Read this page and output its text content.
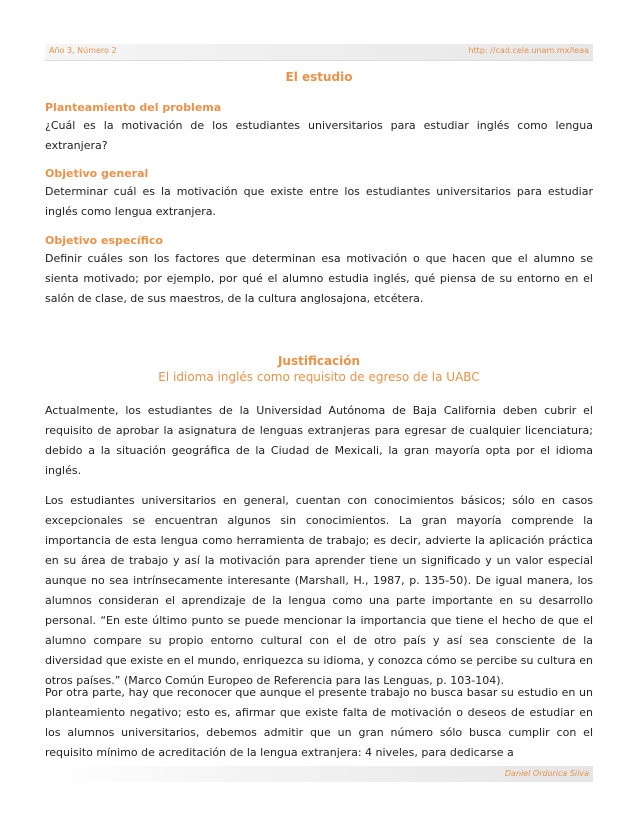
Año 3, Número 2	http: //cad.cele.unam.mx/leaa
El estudio
Planteamiento del problema
¿Cuál es la motivación de los estudiantes universitarios para estudiar inglés como lengua extranjera?
Objetivo general
Determinar cuál es la motivación que existe entre los estudiantes universitarios para estudiar inglés como lengua extranjera.
Objetivo específico
Definir cuáles son los factores que determinan esa motivación o que hacen que el alumno se sienta motivado; por ejemplo, por qué el alumno estudia inglés, qué piensa de su entorno en el salón de clase, de sus maestros, de la cultura anglosajona, etcétera.
Justificación
El idioma inglés como requisito de egreso de la UABC
Actualmente, los estudiantes de la Universidad Autónoma de Baja California deben cubrir el requisito de aprobar la asignatura de lenguas extranjeras para egresar de cualquier licenciatura; debido a la situación geográfica de la Ciudad de Mexicali, la gran mayoría opta por el idioma inglés.
Los estudiantes universitarios en general, cuentan con conocimientos básicos; sólo en casos excepcionales se encuentran algunos sin conocimientos. La gran mayoría comprende la importancia de esta lengua como herramienta de trabajo; es decir, advierte la aplicación práctica en su área de trabajo y así la motivación para aprender tiene un significado y un valor especial aunque no sea intrínsecamente interesante (Marshall, H., 1987, p. 135-50). De igual manera, los alumnos consideran el aprendizaje de la lengua como una parte importante en su desarrollo personal. “En este último punto se puede mencionar la importancia que tiene el hecho de que el alumno compare su propio entorno cultural con el de otro país y así sea consciente de la diversidad que existe en el mundo, enriquezca su idioma, y conozca cómo se percibe su cultura en otros países.” (Marco Común Europeo de Referencia para las Lenguas, p. 103-104).
Por otra parte, hay que reconocer que aunque el presente trabajo no busca basar su estudio en un planteamiento negativo; esto es, afirmar que existe falta de motivación o deseos de estudiar en los alumnos universitarios, debemos admitir que un gran número sólo busca cumplir con el requisito mínimo de acreditación de la lengua extranjera: 4 niveles, para dedicarse a
Daniel Ordorica Silva
